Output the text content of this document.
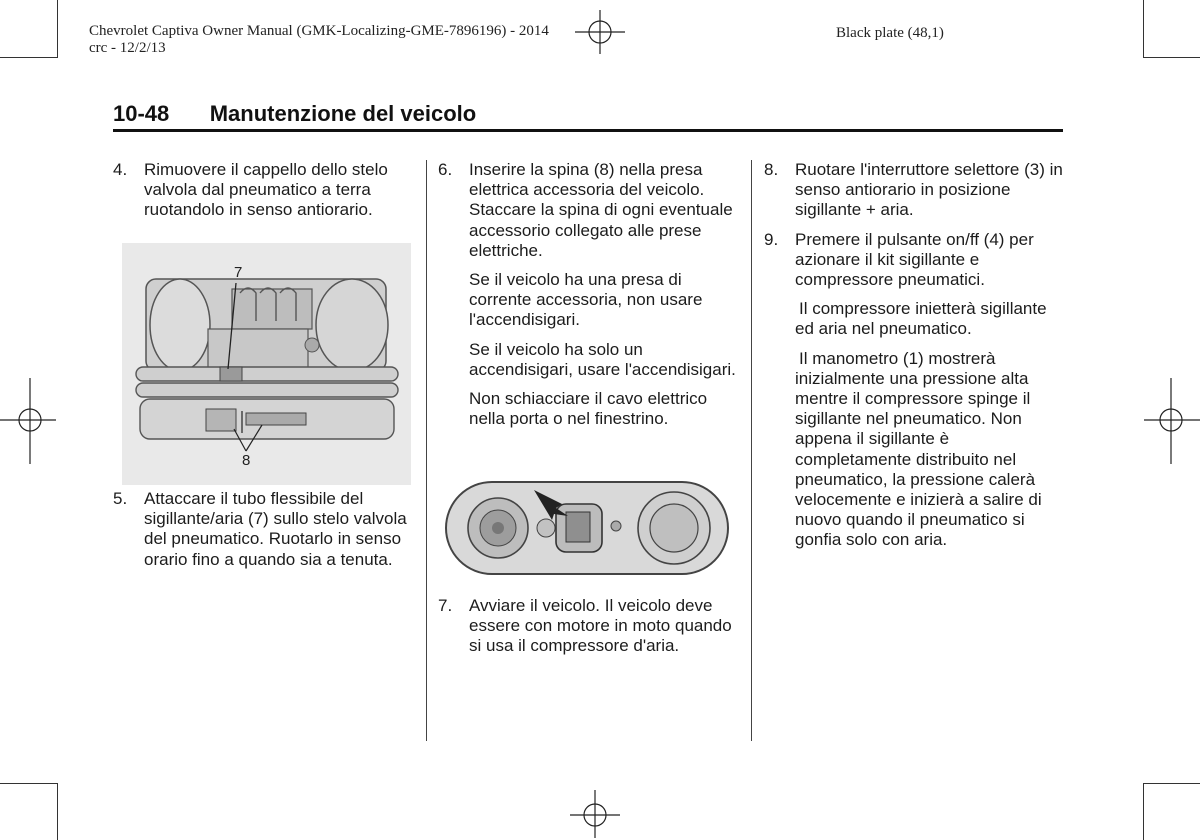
Chevrolet Captiva Owner Manual (GMK-Localizing-GME-7896196) - 2014
crc - 12/2/13
Black plate (48,1)
10-48 Manutenzione del veicolo
4. Rimuovere il cappello dello stelo valvola dal pneumatico a terra ruotandolo in senso antiorario.
7
8
5. Attaccare il tubo flessibile del sigillante/aria (7) sullo stelo valvola del pneumatico. Ruotarlo in senso orario fino a quando sia a tenuta.
6. Inserire la spina (8) nella presa elettrica accessoria del veicolo. Staccare la spina di ogni eventuale accessorio collegato alle prese elettriche.
Se il veicolo ha una presa di corrente accessoria, non usare l'accendisigari.
Se il veicolo ha solo un accendisigari, usare l'accendisigari.
Non schiacciare il cavo elettrico nella porta o nel finestrino.
7. Avviare il veicolo. Il veicolo deve essere con motore in moto quando si usa il compressore d'aria.
8. Ruotare l'interruttore selettore (3) in senso antiorario in posizione sigillante + aria.
9. Premere il pulsante on/ff (4) per azionare il kit sigillante e compressore pneumatici.
Il compressore inietterà sigillante ed aria nel pneumatico.
Il manometro (1) mostrerà inizialmente una pressione alta mentre il compressore spinge il sigillante nel pneumatico. Non appena il sigillante è completamente distribuito nel pneumatico, la pressione calerà velocemente e inizierà a salire di nuovo quando il pneumatico si gonfia solo con aria.
